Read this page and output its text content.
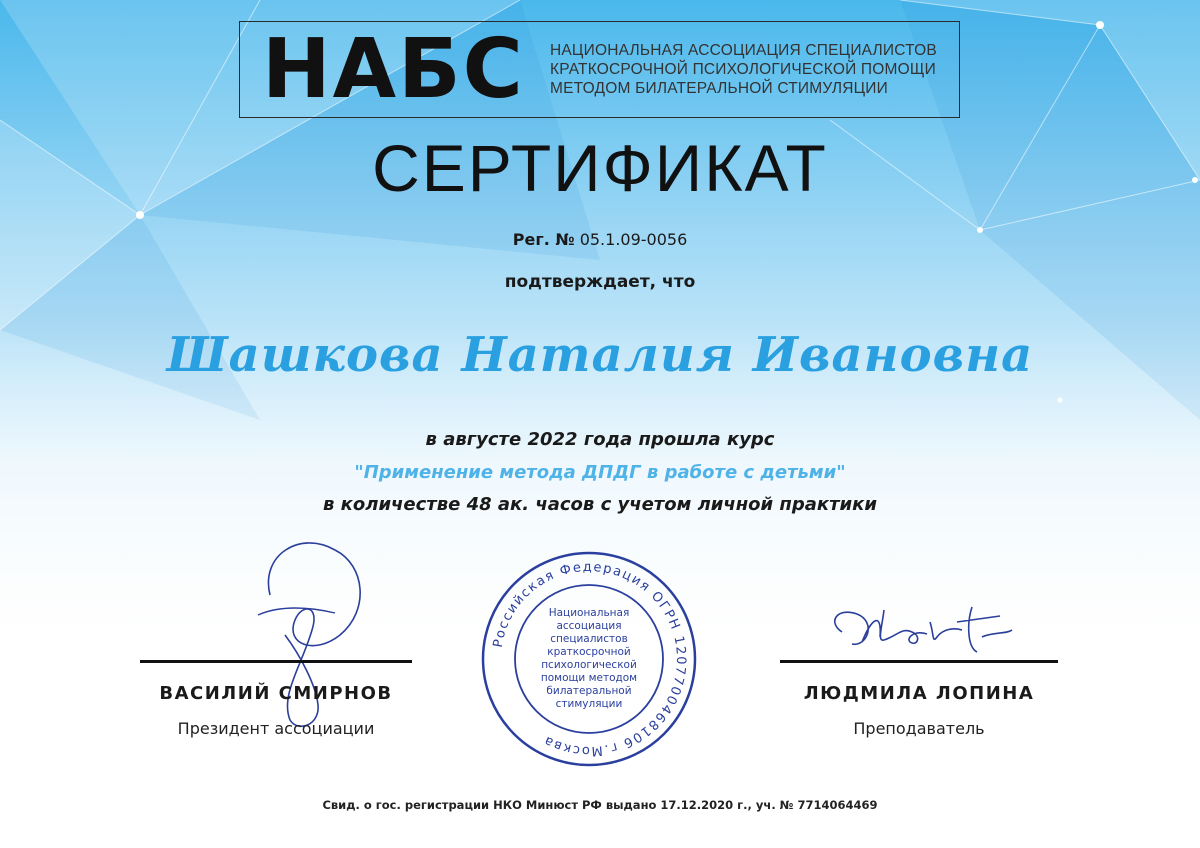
НАБС НАЦИОНАЛЬНАЯ АССОЦИАЦИЯ СПЕЦИАЛИСТОВ
КРАТКОСРОЧНОЙ ПСИХОЛОГИЧЕСКОЙ ПОМОЩИ
МЕТОДОМ БИЛАТЕРАЛЬНОЙ СТИМУЛЯЦИИ
СЕРТИФИКАТ
Рег. № 05.1.09-0056
подтверждает, что
Шашкова Наталия Ивановна
в августе 2022 года прошла курс
"Применение метода ДПДГ в работе с детьми"
в количестве 48 ак. часов с учетом личной практики
ВАСИЛИЙ СМИРНОВ
Президент ассоциации
Российская Федерация ОГРН 1207700468106 г.Москва
Национальная
ассоциация
специалистов
краткосрочной
психологической
помощи методом
билатеральной
стимуляции	ЛЮДМИЛА ЛОПИНА
Преподаватель
Свид. о гос. регистрации НКО Минюст РФ выдано 17.12.2020 г., уч. № 7714064469
